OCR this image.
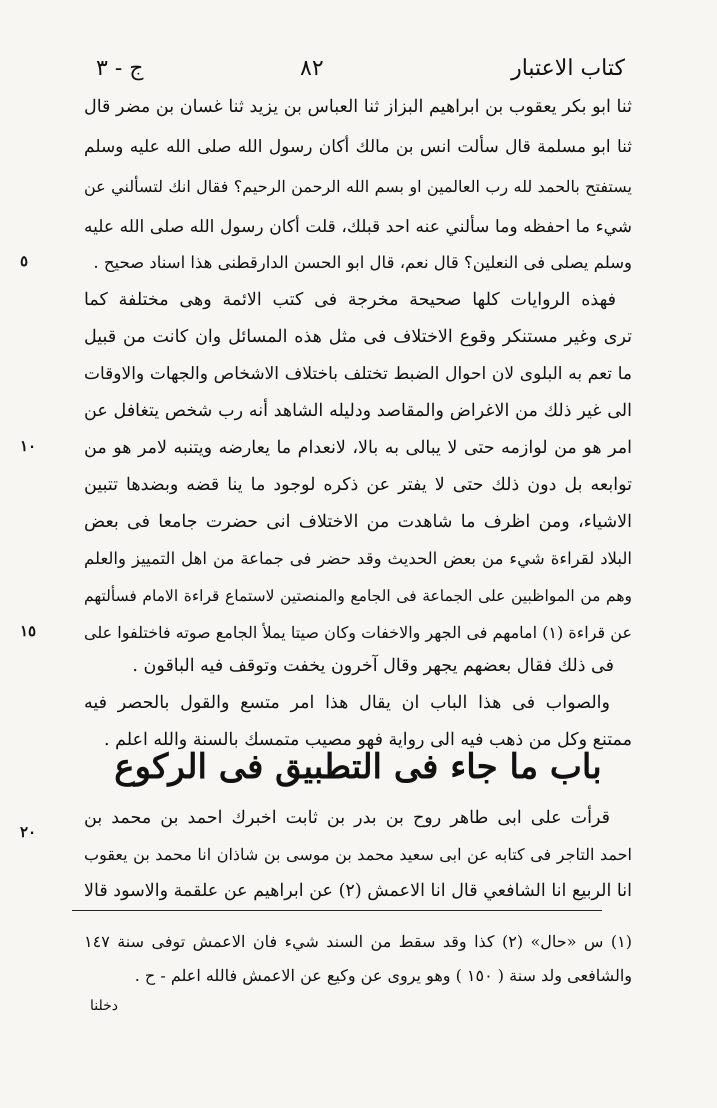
كتاب الاعتبار
٨٢
ج - ٣
٥
١٠
١٥
٢٠
ثنا ابو بكر يعقوب بن ابراهيم البزاز ثنا العباس بن يزيد ثنا غسان بن مضر قال
ثنا ابو مسلمة قال سألت انس بن مالك أكان رسول الله صلى الله عليه وسلم
يستفتح بالحمد لله رب العالمين او بسم الله الرحمن الرحيم؟ فقال انك لتسألني عن
شيء ما احفظه وما سألني عنه احد قبلك، قلت أكان رسول الله صلى الله عليه
وسلم يصلى فى النعلين؟ قال نعم، قال ابو الحسن الدارقطنى هذا اسناد صحيح .
فهذه الروايات كلها صحيحة مخرجة فى كتب الائمة وهى مختلفة كما
ترى وغير مستنكر وقوع الاختلاف فى مثل هذه المسائل وان كانت من قبيل
ما تعم به البلوى لان احوال الضبط تختلف باختلاف الاشخاص والجهات والاوقات
الى غير ذلك من الاغراض والمقاصد ودليله الشاهد أنه رب شخص يتغافل عن
امر هو من لوازمه حتى لا يبالى به بالا، لانعدام ما يعارضه ويتنبه لامر هو من
توابعه بل دون ذلك حتى لا يفتر عن ذكره لوجود ما ينا قضه وبضدها تتبين
الاشياء، ومن اظرف ما شاهدت من الاختلاف انى حضرت جامعا فى بعض
البلاد لقراءة شيء من بعض الحديث وقد حضر فى جماعة من اهل التمييز والعلم
وهم من المواظبين على الجماعة فى الجامع والمنصتين لاستماع قراءة الامام فسألتهم
عن قراءة (١) امامهم فى الجهر والاخفات وكان صيتا يملأ الجامع صوته فاختلفوا على
فى ذلك فقال بعضهم يجهر وقال آخرون يخفت وتوقف فيه الباقون .
والصواب فى هذا الباب ان يقال هذا امر متسع والقول بالحصر فيه
ممتنع وكل من ذهب فيه الى رواية فهو مصيب متمسك بالسنة والله اعلم .
باب ما جاء فى التطبيق فى الركوع
قرأت على ابى طاهر روح بن بدر بن ثابت اخبرك احمد بن محمد بن
احمد التاجر فى كتابه عن ابى سعيد محمد بن موسى بن شاذان انا محمد بن يعقوب
انا الربيع انا الشافعي قال انا الاعمش (٢) عن ابراهيم عن علقمة والاسود قالا
(١) س «حال» (٢) كذا وقد سقط من السند شيء فان الاعمش توفى سنة ١٤٧
والشافعى ولد سنة ( ١٥٠ ) وهو يروى عن وكيع عن الاعمش فالله اعلم - ح .
دخلنا
